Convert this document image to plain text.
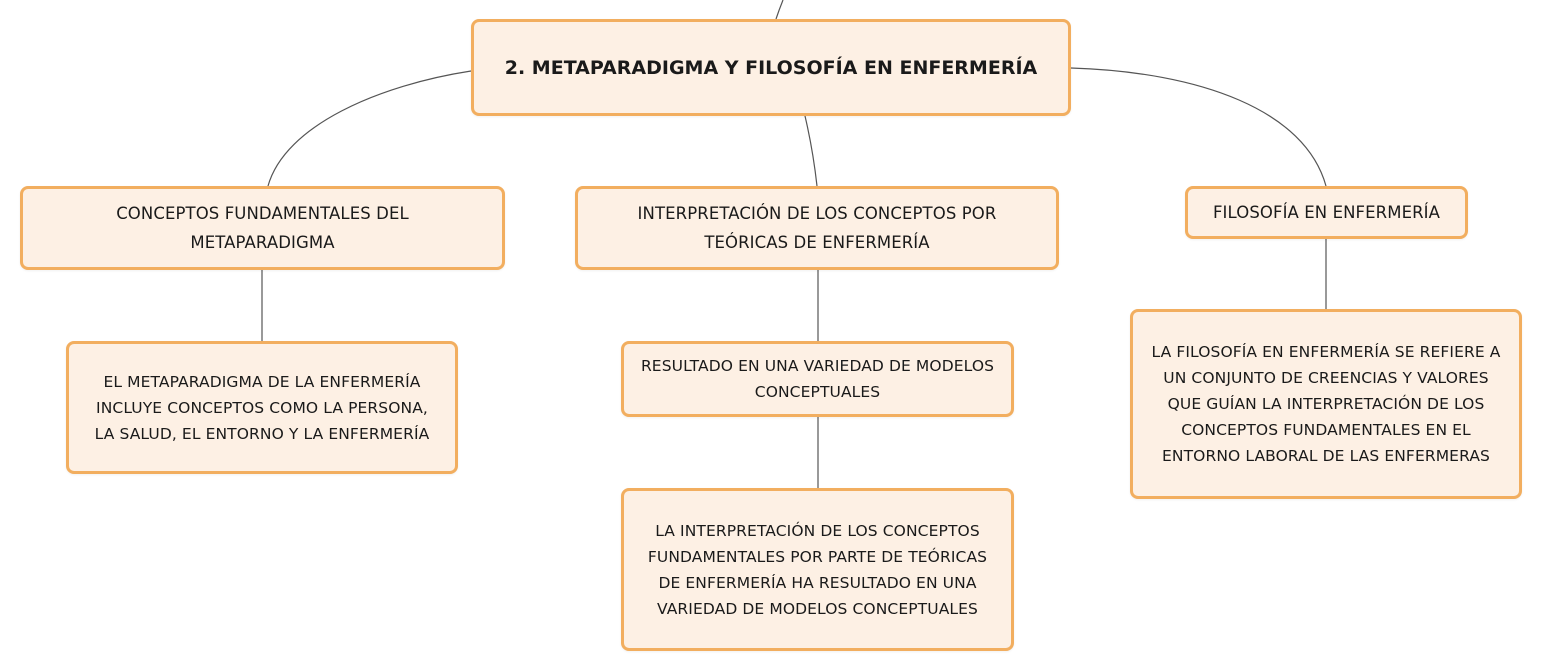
2. METAPARADIGMA Y FILOSOFÍA EN ENFERMERÍA
CONCEPTOS FUNDAMENTALES DEL
METAPARADIGMA
INTERPRETACIÓN DE LOS CONCEPTOS POR
TEÓRICAS DE ENFERMERÍA
FILOSOFÍA EN ENFERMERÍA
EL METAPARADIGMA DE LA ENFERMERÍA
INCLUYE CONCEPTOS COMO LA PERSONA,
LA SALUD, EL ENTORNO Y LA ENFERMERÍA
RESULTADO EN UNA VARIEDAD DE MODELOS
CONCEPTUALES
LA INTERPRETACIÓN DE LOS CONCEPTOS
FUNDAMENTALES POR PARTE DE TEÓRICAS
DE ENFERMERÍA HA RESULTADO EN UNA
VARIEDAD DE MODELOS CONCEPTUALES
LA FILOSOFÍA EN ENFERMERÍA SE REFIERE A
UN CONJUNTO DE CREENCIAS Y VALORES
QUE GUÍAN LA INTERPRETACIÓN DE LOS
CONCEPTOS FUNDAMENTALES EN EL
ENTORNO LABORAL DE LAS ENFERMERAS
